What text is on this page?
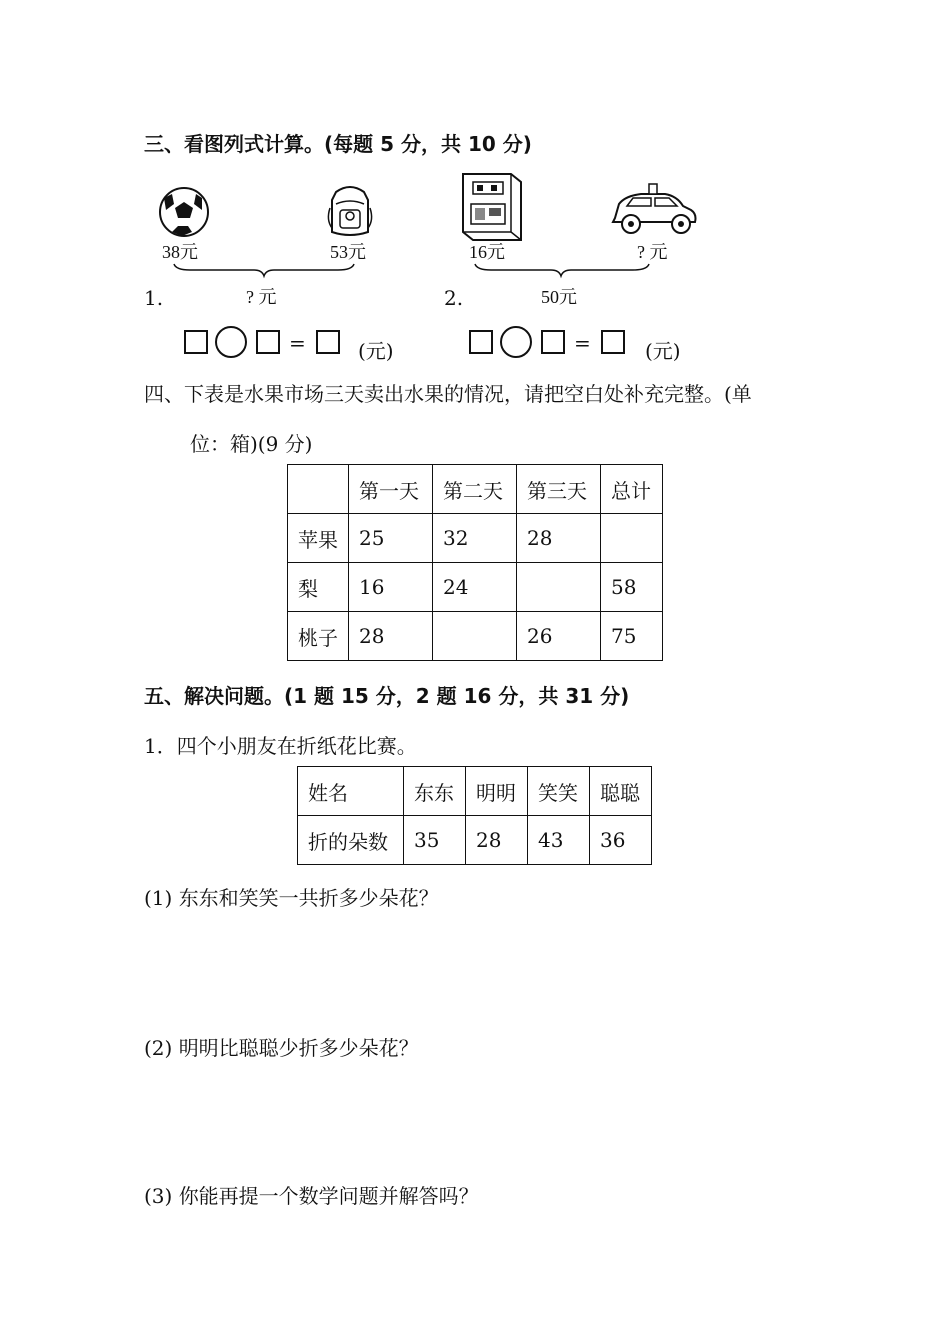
三、看图列式计算。(每题 5 分，共 10 分)
38元	53元
? 元
1.
=	(元)
16元	? 元
50元
2.
=	(元)
四、下表是水果市场三天卖出水果的情况，请把空白处补充完整。(单
位：箱)(9 分)
	第一天	第二天	第三天	总计
苹果	25	32	28	
梨	16	24		58
桃子	28		26	75
五、解决问题。(1 题 15 分，2 题 16 分，共 31 分)
1．四个小朋友在折纸花比赛。
姓名	东东	明明	笑笑	聪聪
折的朵数	35	28	43	36
(1) 东东和笑笑一共折多少朵花？
(2) 明明比聪聪少折多少朵花？
(3) 你能再提一个数学问题并解答吗？
